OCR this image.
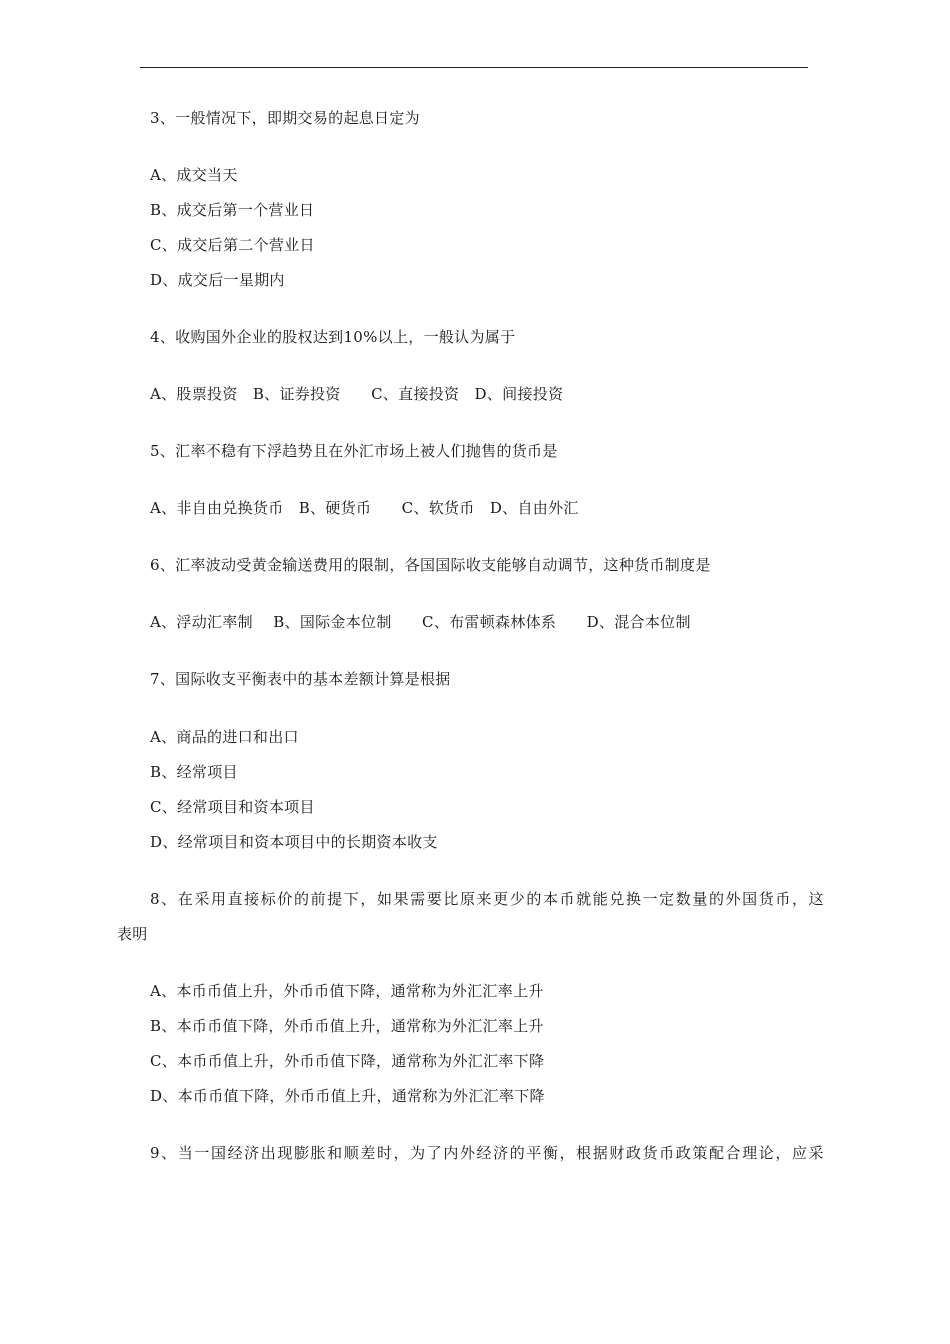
3、一般情况下，即期交易的起息日定为
A、成交当天
B、成交后第一个营业日
C、成交后第二个营业日
D、成交后一星期内
4、收购国外企业的股权达到10%以上，一般认为属于
A、股票投资   B、证券投资      C、直接投资   D、间接投资
5、汇率不稳有下浮趋势且在外汇市场上被人们抛售的货币是
A、非自由兑换货币   B、硬货币      C、软货币   D、自由外汇
6、汇率波动受黄金输送费用的限制，各国国际收支能够自动调节，这种货币制度是
A、浮动汇率制    B、国际金本位制      C、布雷顿森林体系      D、混合本位制
7、国际收支平衡表中的基本差额计算是根据
A、商品的进口和出口
B、经常项目
C、经常项目和资本项目
D、经常项目和资本项目中的长期资本收支
8、在采用直接标价的前提下，如果需要比原来更少的本币就能兑换一定数量的外国货币，这
表明
A、本币币值上升，外币币值下降，通常称为外汇汇率上升
B、本币币值下降，外币币值上升，通常称为外汇汇率上升
C、本币币值上升，外币币值下降，通常称为外汇汇率下降
D、本币币值下降，外币币值上升，通常称为外汇汇率下降
9、当一国经济出现膨胀和顺差时，为了内外经济的平衡，根据财政货币政策配合理论，应采
